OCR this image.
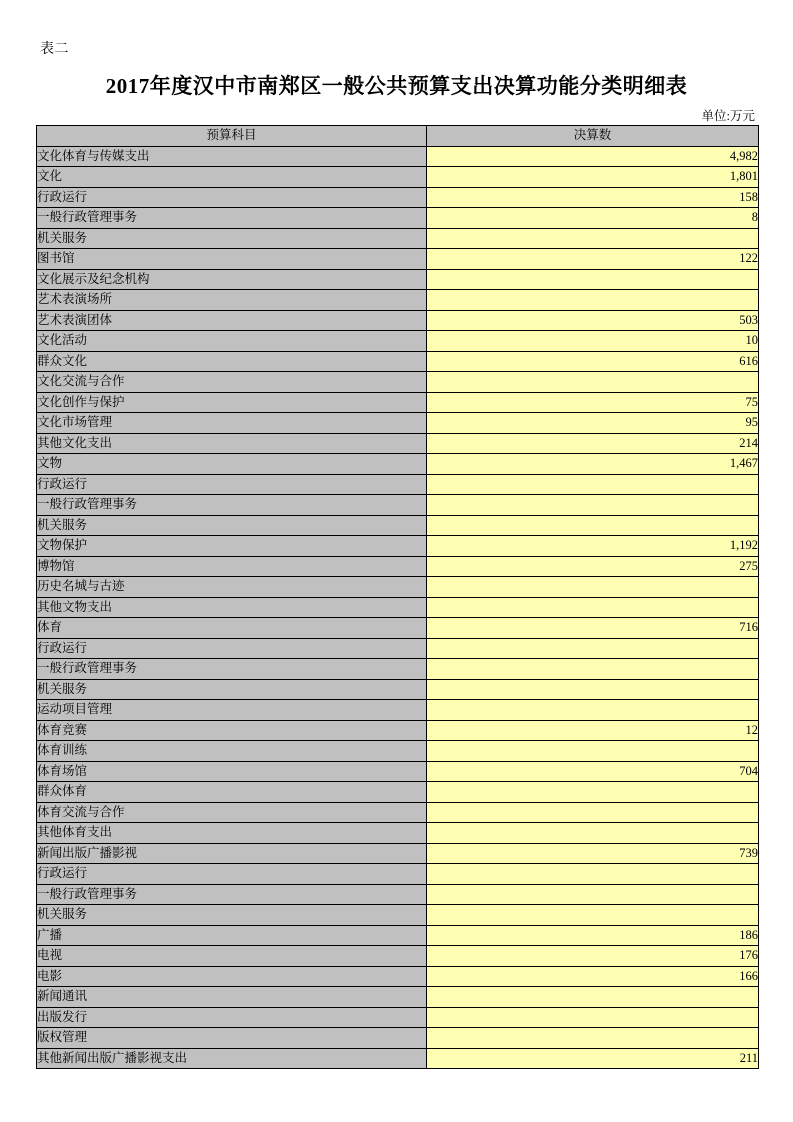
表二
2017年度汉中市南郑区一般公共预算支出决算功能分类明细表
单位:万元
预算科目	决算数
文化体育与传媒支出	4,982
文化	1,801
行政运行	158
一般行政管理事务	8
机关服务	
图书馆	122
文化展示及纪念机构	
艺术表演场所	
艺术表演团体	503
文化活动	10
群众文化	616
文化交流与合作	
文化创作与保护	75
文化市场管理	95
其他文化支出	214
文物	1,467
行政运行	
一般行政管理事务	
机关服务	
文物保护	1,192
博物馆	275
历史名城与古迹	
其他文物支出	
体育	716
行政运行	
一般行政管理事务	
机关服务	
运动项目管理	
体育竞赛	12
体育训练	
体育场馆	704
群众体育	
体育交流与合作	
其他体育支出	
新闻出版广播影视	739
行政运行	
一般行政管理事务	
机关服务	
广播	186
电视	176
电影	166
新闻通讯	
出版发行	
版权管理	
其他新闻出版广播影视支出	211
